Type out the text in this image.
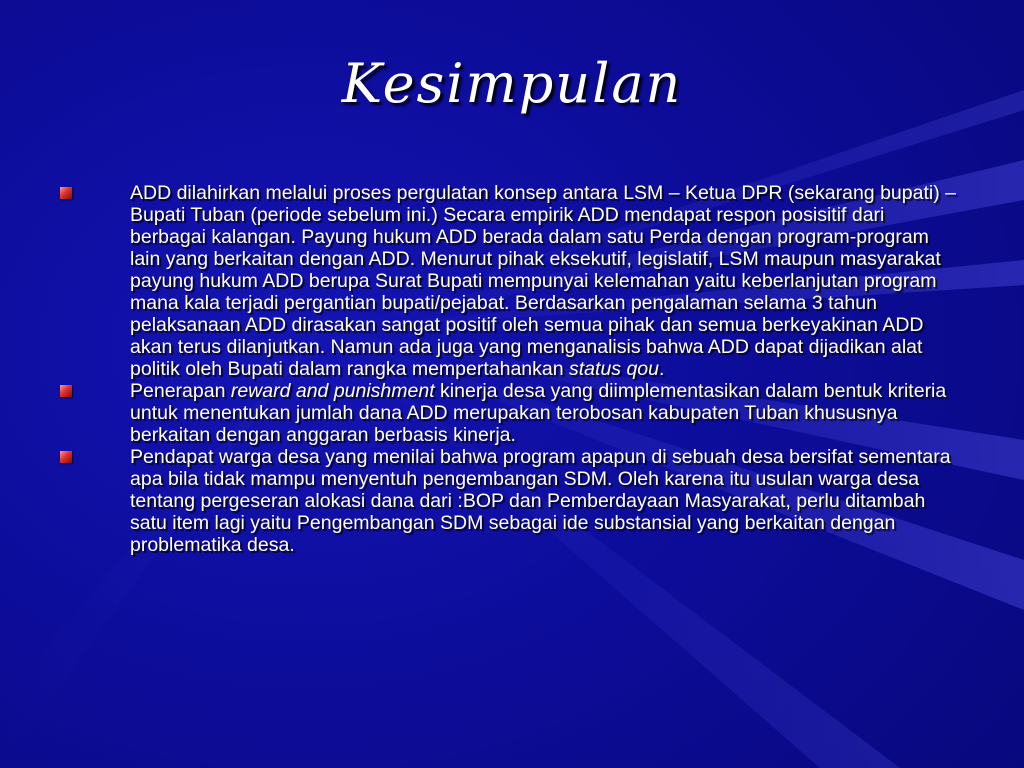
Kesimpulan
ADD dilahirkan melalui proses pergulatan konsep antara LSM – Ketua DPR (sekarang bupati) – Bupati Tuban (periode sebelum ini.) Secara empirik ADD mendapat respon posisitif dari berbagai kalangan. Payung hukum ADD berada dalam satu Perda dengan program-program lain yang berkaitan dengan ADD. Menurut pihak eksekutif, legislatif, LSM maupun masyarakat payung hukum ADD berupa Surat Bupati mempunyai kelemahan yaitu keberlanjutan program mana kala terjadi pergantian bupati/pejabat. Berdasarkan pengalaman selama 3 tahun pelaksanaan ADD dirasakan sangat positif oleh semua pihak dan semua berkeyakinan ADD akan terus dilanjutkan. Namun ada juga yang menganalisis bahwa ADD dapat dijadikan alat politik oleh Bupati dalam rangka mempertahankan status qou.
Penerapan reward and punishment kinerja desa yang diimplementasikan dalam bentuk kriteria untuk menentukan jumlah dana ADD merupakan terobosan kabupaten Tuban khususnya berkaitan dengan anggaran berbasis kinerja.
Pendapat warga desa yang menilai bahwa program apapun di sebuah desa bersifat sementara apa bila tidak mampu menyentuh pengembangan SDM. Oleh karena itu usulan warga desa tentang pergeseran alokasi dana dari :BOP dan Pemberdayaan Masyarakat, perlu ditambah satu item lagi yaitu Pengembangan SDM sebagai ide substansial yang berkaitan dengan problematika desa.
